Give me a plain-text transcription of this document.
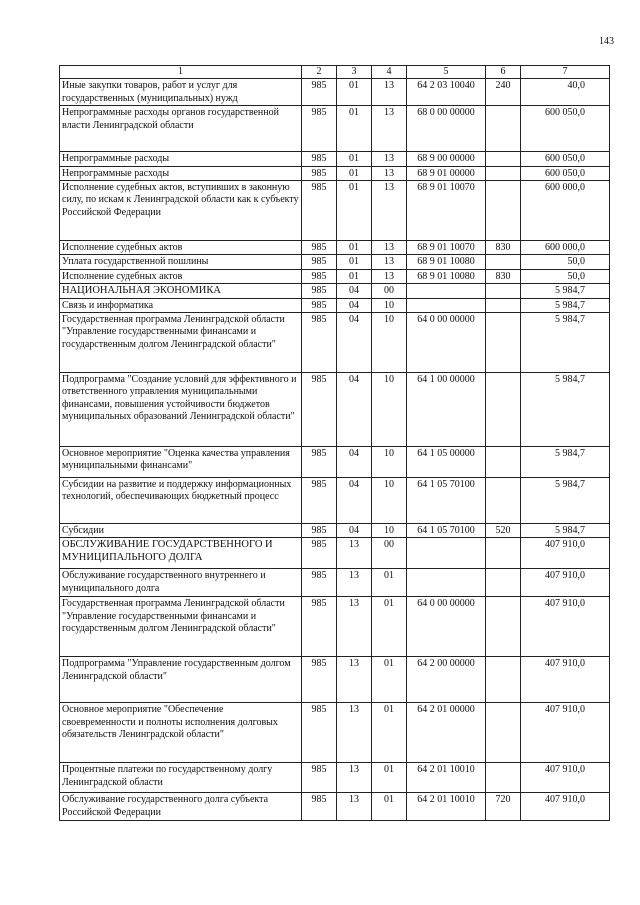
143
1	2	3	4	5	6	7
Иные закупки товаров, работ и услуг для государственных (муниципальных) нужд	985	01	13	64 2 03 10040	240	40,0
Непрограммные расходы органов государственной власти Ленинградской области	985	01	13	68 0 00 00000		600 050,0
Непрограммные расходы	985	01	13	68 9 00 00000		600 050,0
Непрограммные расходы	985	01	13	68 9 01 00000		600 050,0
Исполнение судебных актов, вступивших в законную силу, по искам к Ленинградской области как к субъекту Российской Федерации	985	01	13	68 9 01 10070		600 000,0
Исполнение судебных актов	985	01	13	68 9 01 10070	830	600 000,0
Уплата государственной пошлины	985	01	13	68 9 01 10080		50,0
Исполнение судебных актов	985	01	13	68 9 01 10080	830	50,0
НАЦИОНАЛЬНАЯ ЭКОНОМИКА	985	04	00			5 984,7
Связь и информатика	985	04	10			5 984,7
Государственная программа Ленинградской области "Управление государственными финансами и государственным долгом Ленинградской области"	985	04	10	64 0 00 00000		5 984,7
Подпрограмма "Создание условий для эффективного и ответственного управления муниципальными финансами, повышения устойчивости бюджетов муниципальных образований Ленинградской области"	985	04	10	64 1 00 00000		5 984,7
Основное мероприятие "Оценка качества управления муниципальными финансами"	985	04	10	64 1 05 00000		5 984,7
Субсидии на развитие и поддержку информационных технологий, обеспечивающих бюджетный процесс	985	04	10	64 1 05 70100		5 984,7
Субсидии	985	04	10	64 1 05 70100	520	5 984,7
ОБСЛУЖИВАНИЕ ГОСУДАРСТВЕННОГО И МУНИЦИПАЛЬНОГО ДОЛГА	985	13	00			407 910,0
Обслуживание государственного внутреннего и муниципального долга	985	13	01			407 910,0
Государственная программа Ленинградской области "Управление государственными финансами и государственным долгом Ленинградской области"	985	13	01	64 0 00 00000		407 910,0
Подпрограмма "Управление государственным долгом Ленинградской области"	985	13	01	64 2 00 00000		407 910,0
Основное мероприятие "Обеспечение своевременности и полноты исполнения долговых обязательств Ленинградской области"	985	13	01	64 2 01 00000		407 910,0
Процентные платежи по государственному долгу Ленинградской области	985	13	01	64 2 01 10010		407 910,0
Обслуживание государственного долга субъекта Российской Федерации	985	13	01	64 2 01 10010	720	407 910,0
